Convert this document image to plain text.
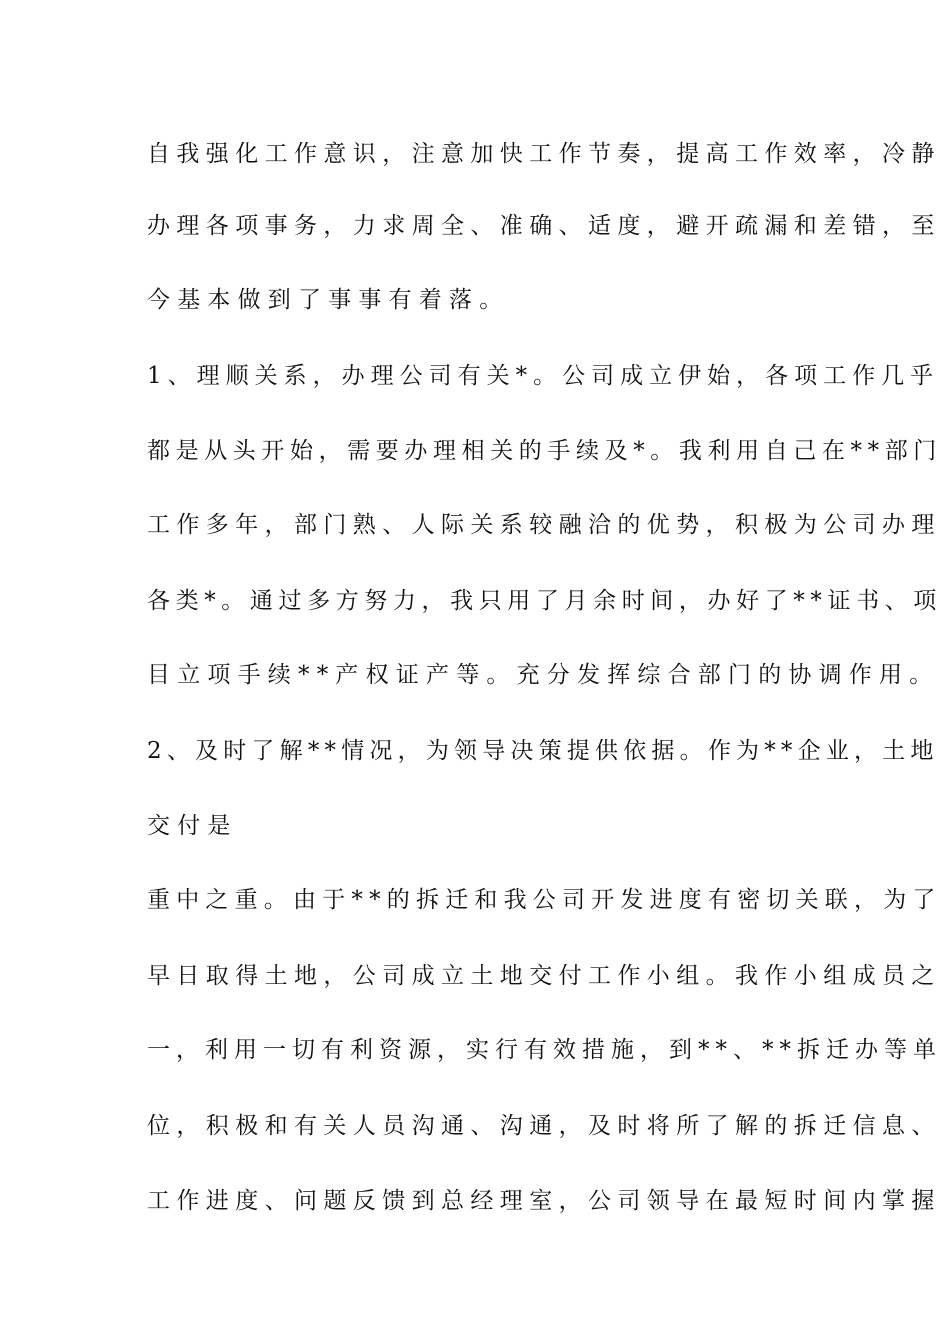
自我强化工作意识，注意加快工作节奏，提高工作效率，冷静
办理各项事务，力求周全、准确、适度，避开疏漏和差错，至
今基本做到了事事有着落。
1、理顺关系，办理公司有关*。公司成立伊始，各项工作几乎
都是从头开始，需要办理相关的手续及*。我利用自己在**部门
工作多年，部门熟、人际关系较融洽的优势，积极为公司办理
各类*。通过多方努力，我只用了月余时间，办好了**证书、项
目立项手续**产权证产等。充分发挥综合部门的协调作用。
2、及时了解**情况，为领导决策提供依据。作为**企业，土地
交付是
重中之重。由于**的拆迁和我公司开发进度有密切关联，为了
早日取得土地，公司成立土地交付工作小组。我作小组成员之
一，利用一切有利资源，实行有效措施，到**、**拆迁办等单
位，积极和有关人员沟通、沟通，及时将所了解的拆迁信息、
工作进度、问题反馈到总经理室，公司领导在最短时间内掌握
